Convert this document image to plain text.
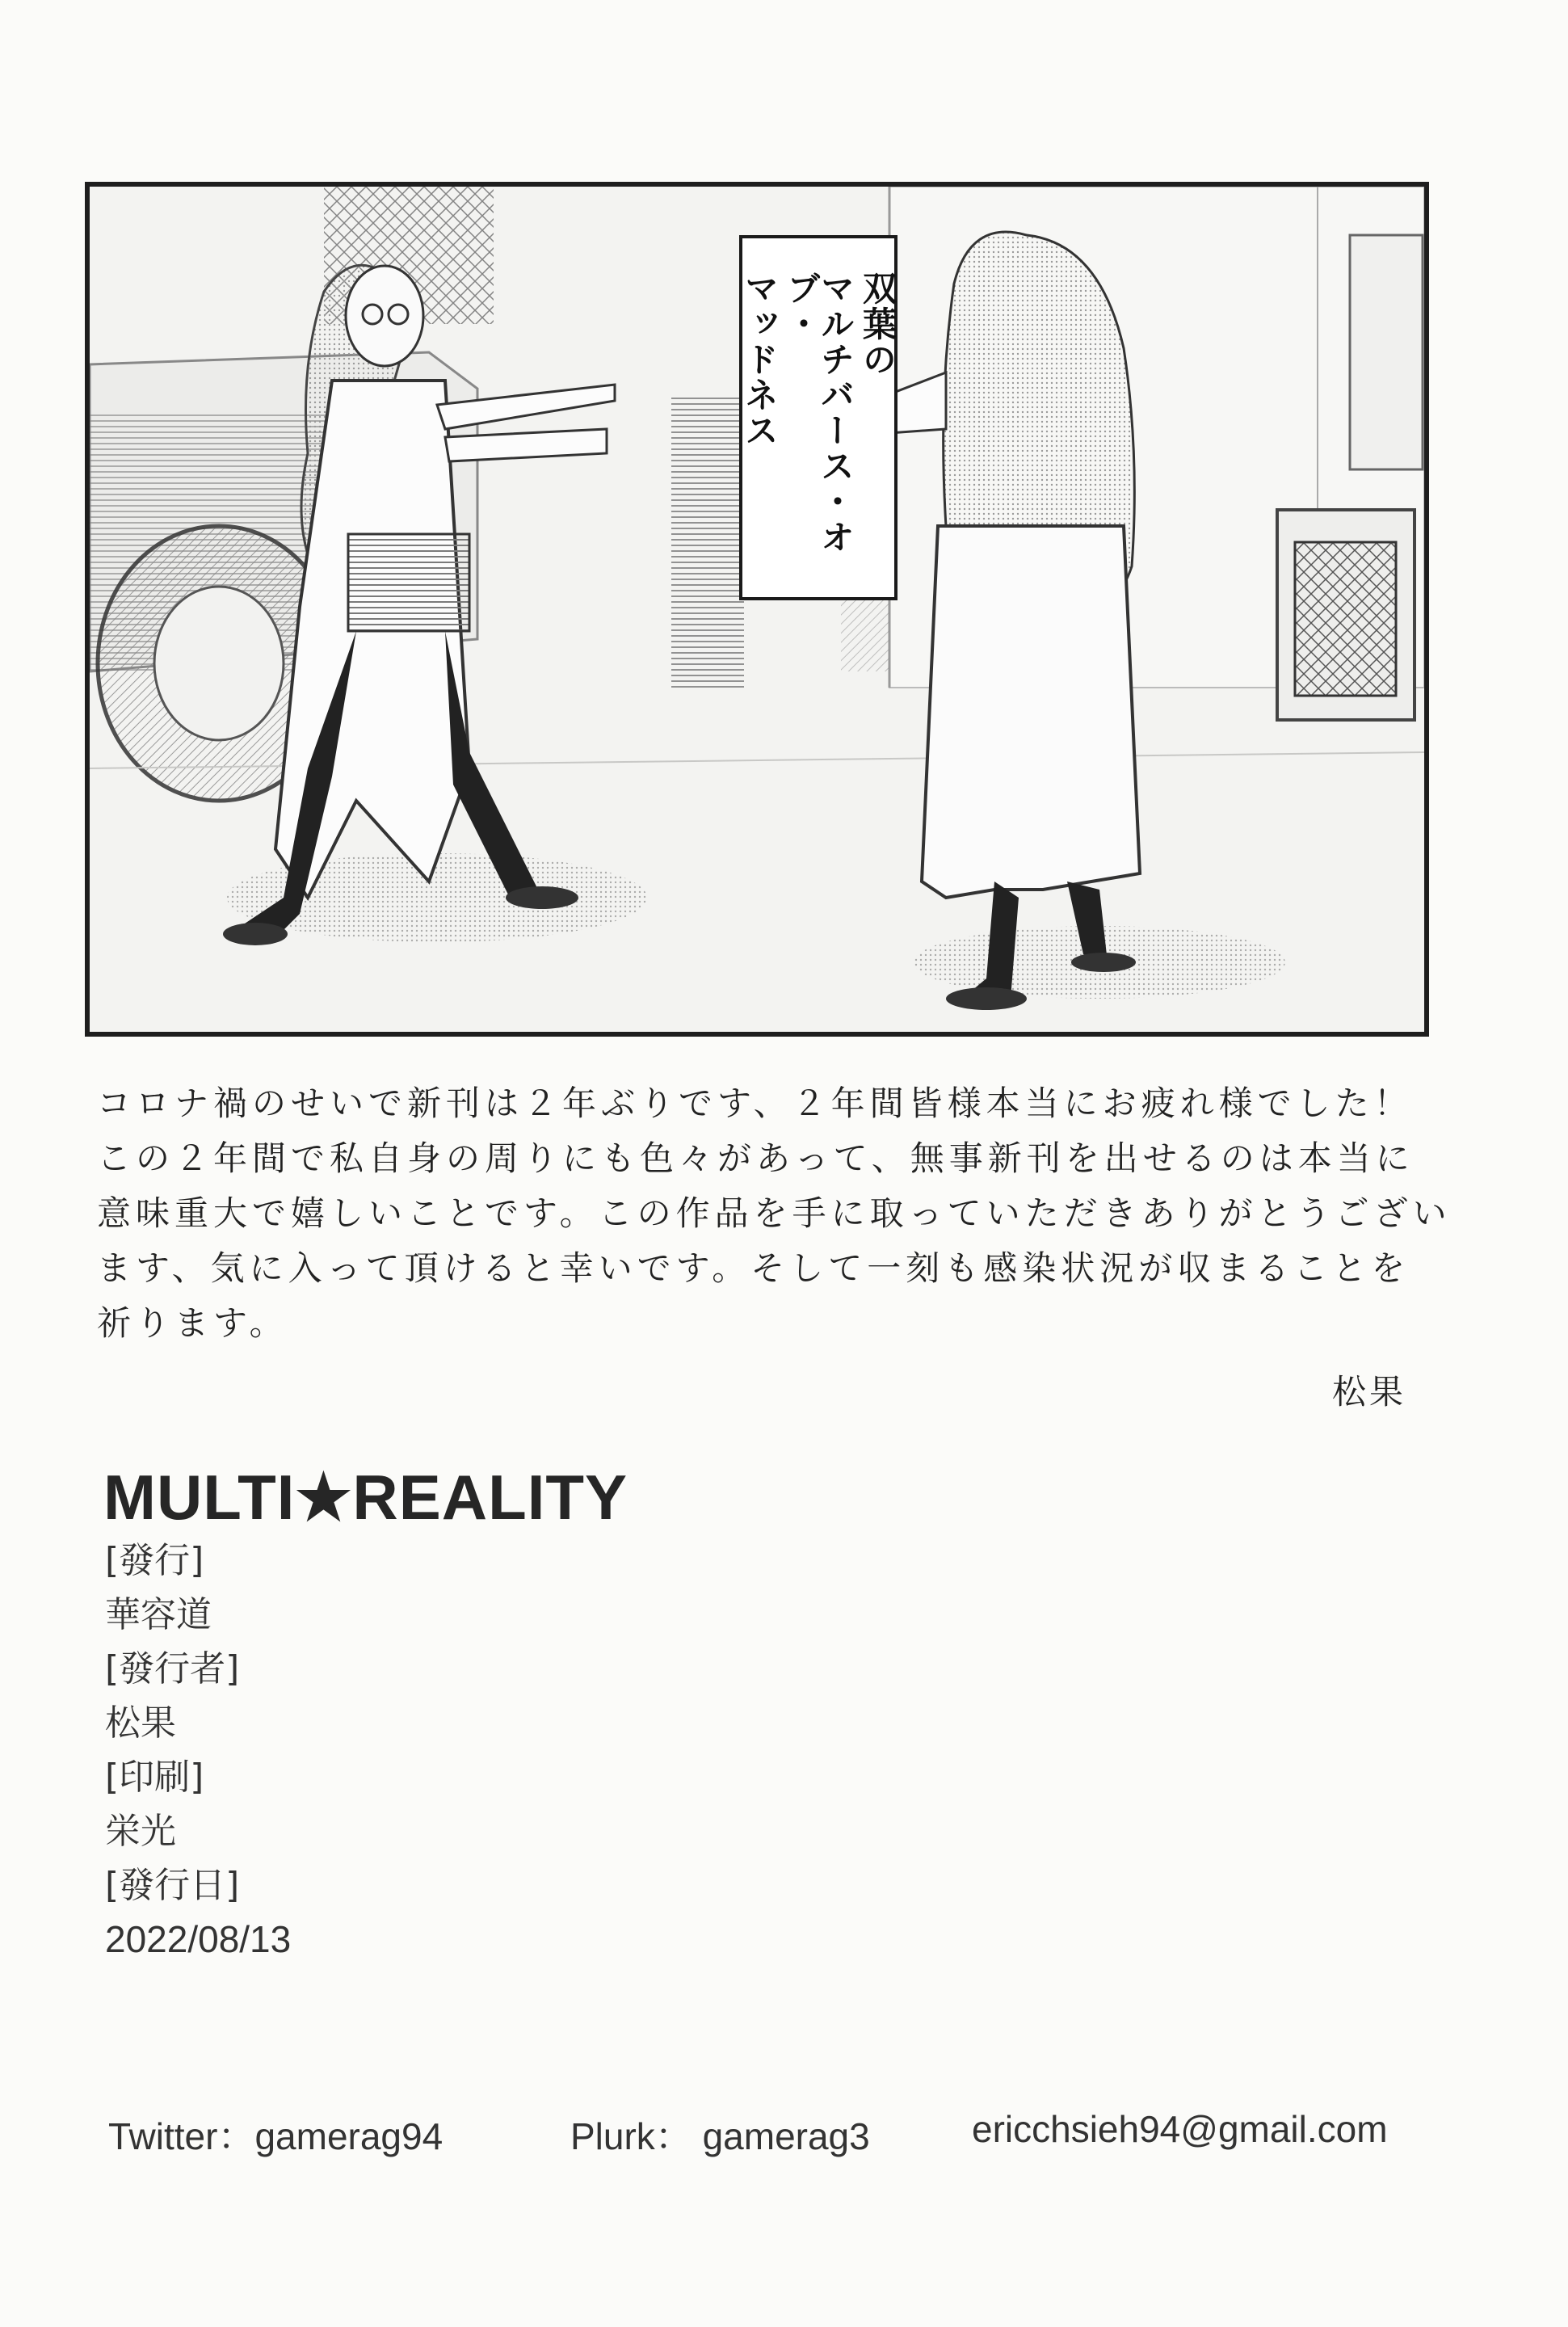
双葉の
マルチバース・オブ・
マッドネス
コロナ禍のせいで新刊は２年ぶりです、２年間皆様本当にお疲れ様でした！
この２年間で私自身の周りにも色々があって、無事新刊を出せるのは本当に
意味重大で嬉しいことです。この作品を手に取っていただきありがとうござい
ます、気に入って頂けると幸いです。そして一刻も感染状況が収まることを
祈ります。
松果
MULTI★REALITY
[發行]
華容道
[發行者]
松果
[印刷]
栄光
[發行日]
2022/08/13
Twitter：gamerag94	Plurk： gamerag3	ericchsieh94@gmail.com
